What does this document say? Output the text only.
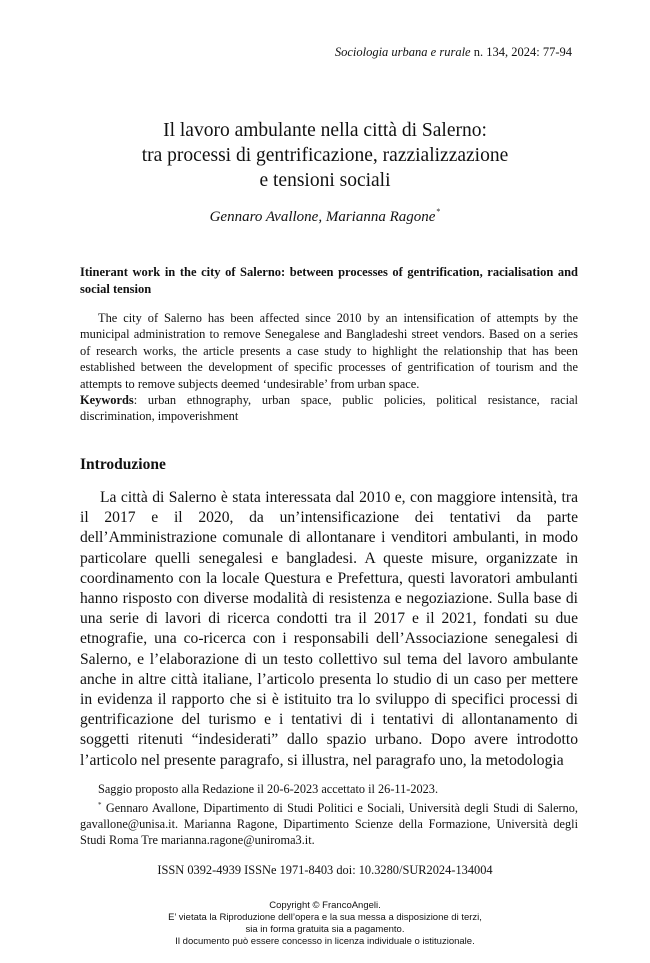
Sociologia urbana e rurale n. 134, 2024: 77-94
Il lavoro ambulante nella città di Salerno:
tra processi di gentrificazione, razzializzazione
e tensioni sociali
Gennaro Avallone, Marianna Ragone*
Itinerant work in the city of Salerno: between processes of gentrification, racialisation and social tension

The city of Salerno has been affected since 2010 by an intensification of attempts by the municipal administration to remove Senegalese and Bangladeshi street vendors. Based on a series of research works, the article presents a case study to highlight the relationship that has been established between the development of specific processes of gentrification of tourism and the attempts to remove subjects deemed ‘undesirable’ from urban space.

Keywords: urban ethnography, urban space, public policies, political resistance, racial discrimination, impoverishment

Introduzione

La città di Salerno è stata interessata dal 2010 e, con maggiore intensità, tra il 2017 e il 2020, da un’intensificazione dei tentativi da parte dell’Amministrazione comunale di allontanare i venditori ambulanti, in modo particolare quelli senegalesi e bangladesi. A queste misure, organizzate in coordinamento con la locale Questura e Prefettura, questi lavoratori ambulanti hanno risposto con diverse modalità di resistenza e negoziazione. Sulla base di una serie di lavori di ricerca condotti tra il 2017 e il 2021, fondati su due etnografie, una co-ricerca con i responsabili dell’Associazione senegalesi di Salerno, e l’elaborazione di un testo collettivo sul tema del lavoro ambulante anche in altre città italiane, l’articolo presenta lo studio di un caso per mettere in evidenza il rapporto che si è istituito tra lo sviluppo di specifici processi di gentrificazione del turismo e i tentativi di i tentativi di allontanamento di soggetti ritenuti “indesiderati” dallo spazio urbano. Dopo avere introdotto l’articolo nel presente paragrafo, si illustra, nel paragrafo uno, la metodologia

Saggio proposto alla Redazione il 20-6-2023 accettato il 26-11-2023.

* Gennaro Avallone, Dipartimento di Studi Politici e Sociali, Università degli Studi di Salerno, gavallone@unisa.it. Marianna Ragone, Dipartimento Scienze della Formazione, Università degli Studi Roma Tre marianna.ragone@uniroma3.it.

ISSN 0392-4939 ISSNe 1971-8403 doi: 10.3280/SUR2024-134004
Copyright © FrancoAngeli.
E’ vietata la Riproduzione dell’opera e la sua messa a disposizione di terzi,
sia in forma gratuita sia a pagamento.
Il documento può essere concesso in licenza individuale o istituzionale.
